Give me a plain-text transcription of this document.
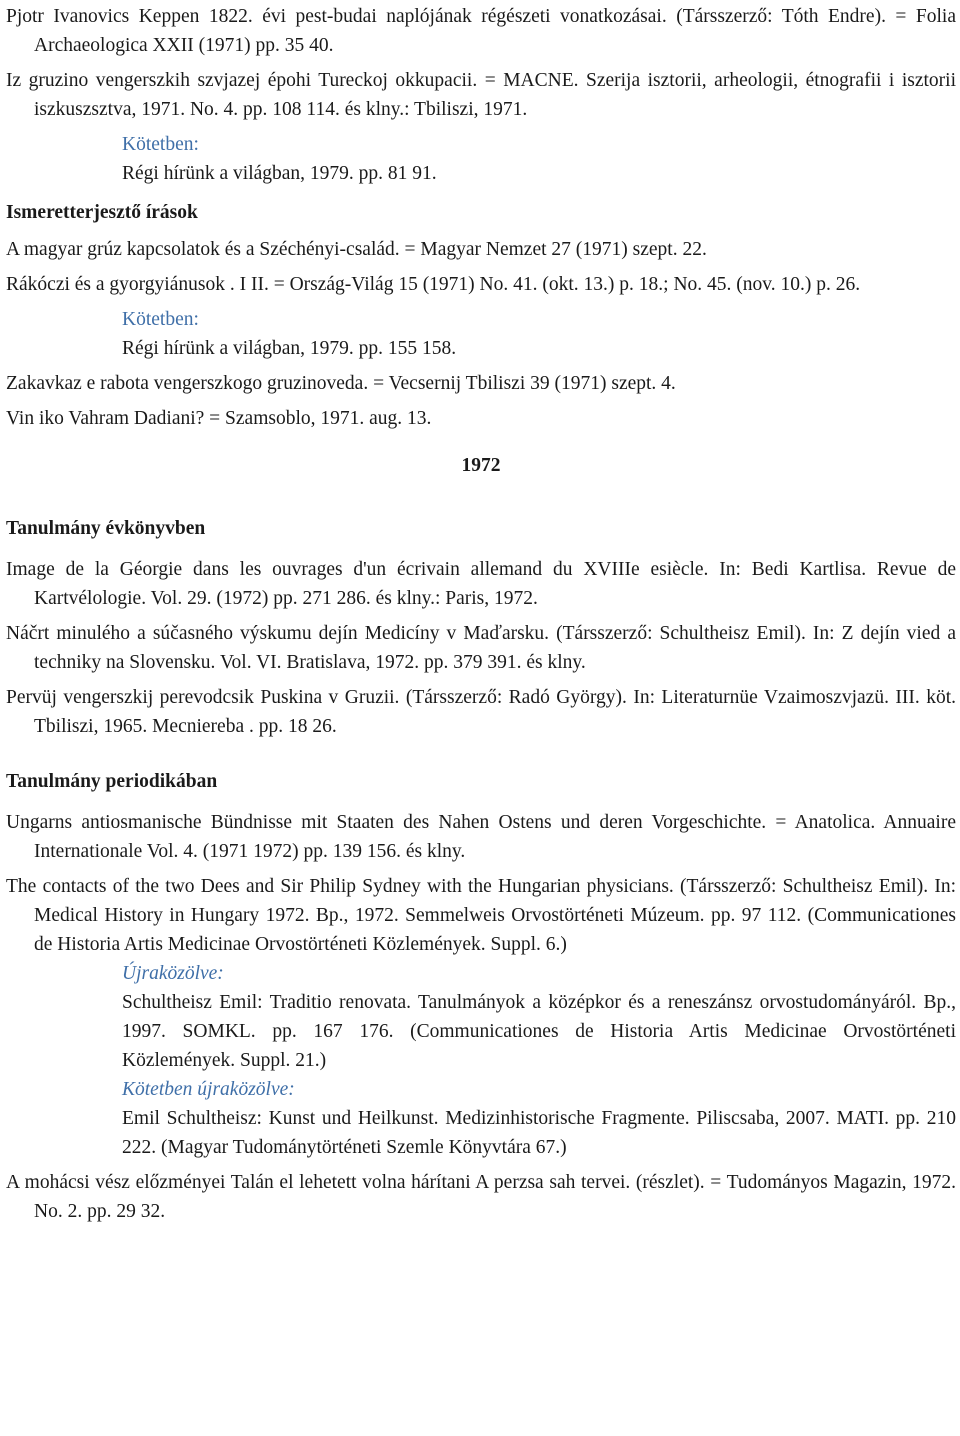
Pjotr Ivanovics Keppen 1822. évi pest-budai naplójának régészeti vonatkozásai. (Társszerző: Tóth Endre). = Folia Archaeologica XXII (1971) pp. 35 40.

Iz gruzino vengerszkih szvjazej épohi Tureckoj okkupacii. = MACNE. Szerija isztorii, arheologii, étnografii i isztorii iszkuszsztva, 1971. No. 4. pp. 108 114. és klny.: Tbiliszi, 1971.

Kötetben:
Régi hírünk a világban, 1979. pp. 81 91.

Ismeretterjesztő írások

A magyar grúz kapcsolatok és a Széchényi-család. = Magyar Nemzet 27 (1971) szept. 22.

Rákóczi és a gyorgyiánusok . I II. = Ország-Világ 15 (1971) No. 41. (okt. 13.) p. 18.; No. 45. (nov. 10.) p. 26.

Kötetben:
Régi hírünk a világban, 1979. pp. 155 158.

Zakavkaz e rabota vengerszkogo gruzinoveda. = Vecsernij Tbiliszi 39 (1971) szept. 4.

Vin iko Vahram Dadiani? = Szamsoblo, 1971. aug. 13.

1972

Tanulmány évkönyvben

Image de la Géorgie dans les ouvrages d'un écrivain allemand du XVIIIe esiècle. In: Bedi Kartlisa. Revue de Kartvélologie. Vol. 29. (1972) pp. 271 286. és klny.: Paris, 1972.

Náčrt minulého a súčasného výskumu dejín Medicíny v Maďarsku. (Társszerző: Schultheisz Emil). In: Z dejín vied a techniky na Slovensku. Vol. VI. Bratislava, 1972. pp. 379 391. és klny.

Pervüj vengerszkij perevodcsik Puskina v Gruzii. (Társszerző: Radó György). In: Literaturnüe Vzaimoszvjazü. III. köt. Tbiliszi, 1965. Mecniereba . pp. 18 26.

Tanulmány periodikában

Ungarns antiosmanische Bündnisse mit Staaten des Nahen Ostens und deren Vorgeschichte. = Anatolica. Annuaire Internationale Vol. 4. (1971 1972) pp. 139 156. és klny.

The contacts of the two Dees and Sir Philip Sydney with the Hungarian physicians. (Társszerző: Schultheisz Emil). In: Medical History in Hungary 1972. Bp., 1972. Semmelweis Orvostörténeti Múzeum. pp. 97 112. (Communicationes de Historia Artis Medicinae Orvostörténeti Közlemények. Suppl. 6.)

Újraközölve:
Schultheisz Emil: Traditio renovata. Tanulmányok a középkor és a reneszánsz orvostudományáról. Bp., 1997. SOMKL. pp. 167 176. (Communicationes de Historia Artis Medicinae Orvostörténeti Közlemények. Suppl. 21.)
Kötetben újraközölve:
Emil Schultheisz: Kunst und Heilkunst. Medizinhistorische Fragmente. Piliscsaba, 2007. MATI. pp. 210 222. (Magyar Tudománytörténeti Szemle Könyvtára 67.)

A mohácsi vész előzményei Talán el lehetett volna hárítani A perzsa sah tervei. (részlet). = Tudományos Magazin, 1972. No. 2. pp. 29 32.
